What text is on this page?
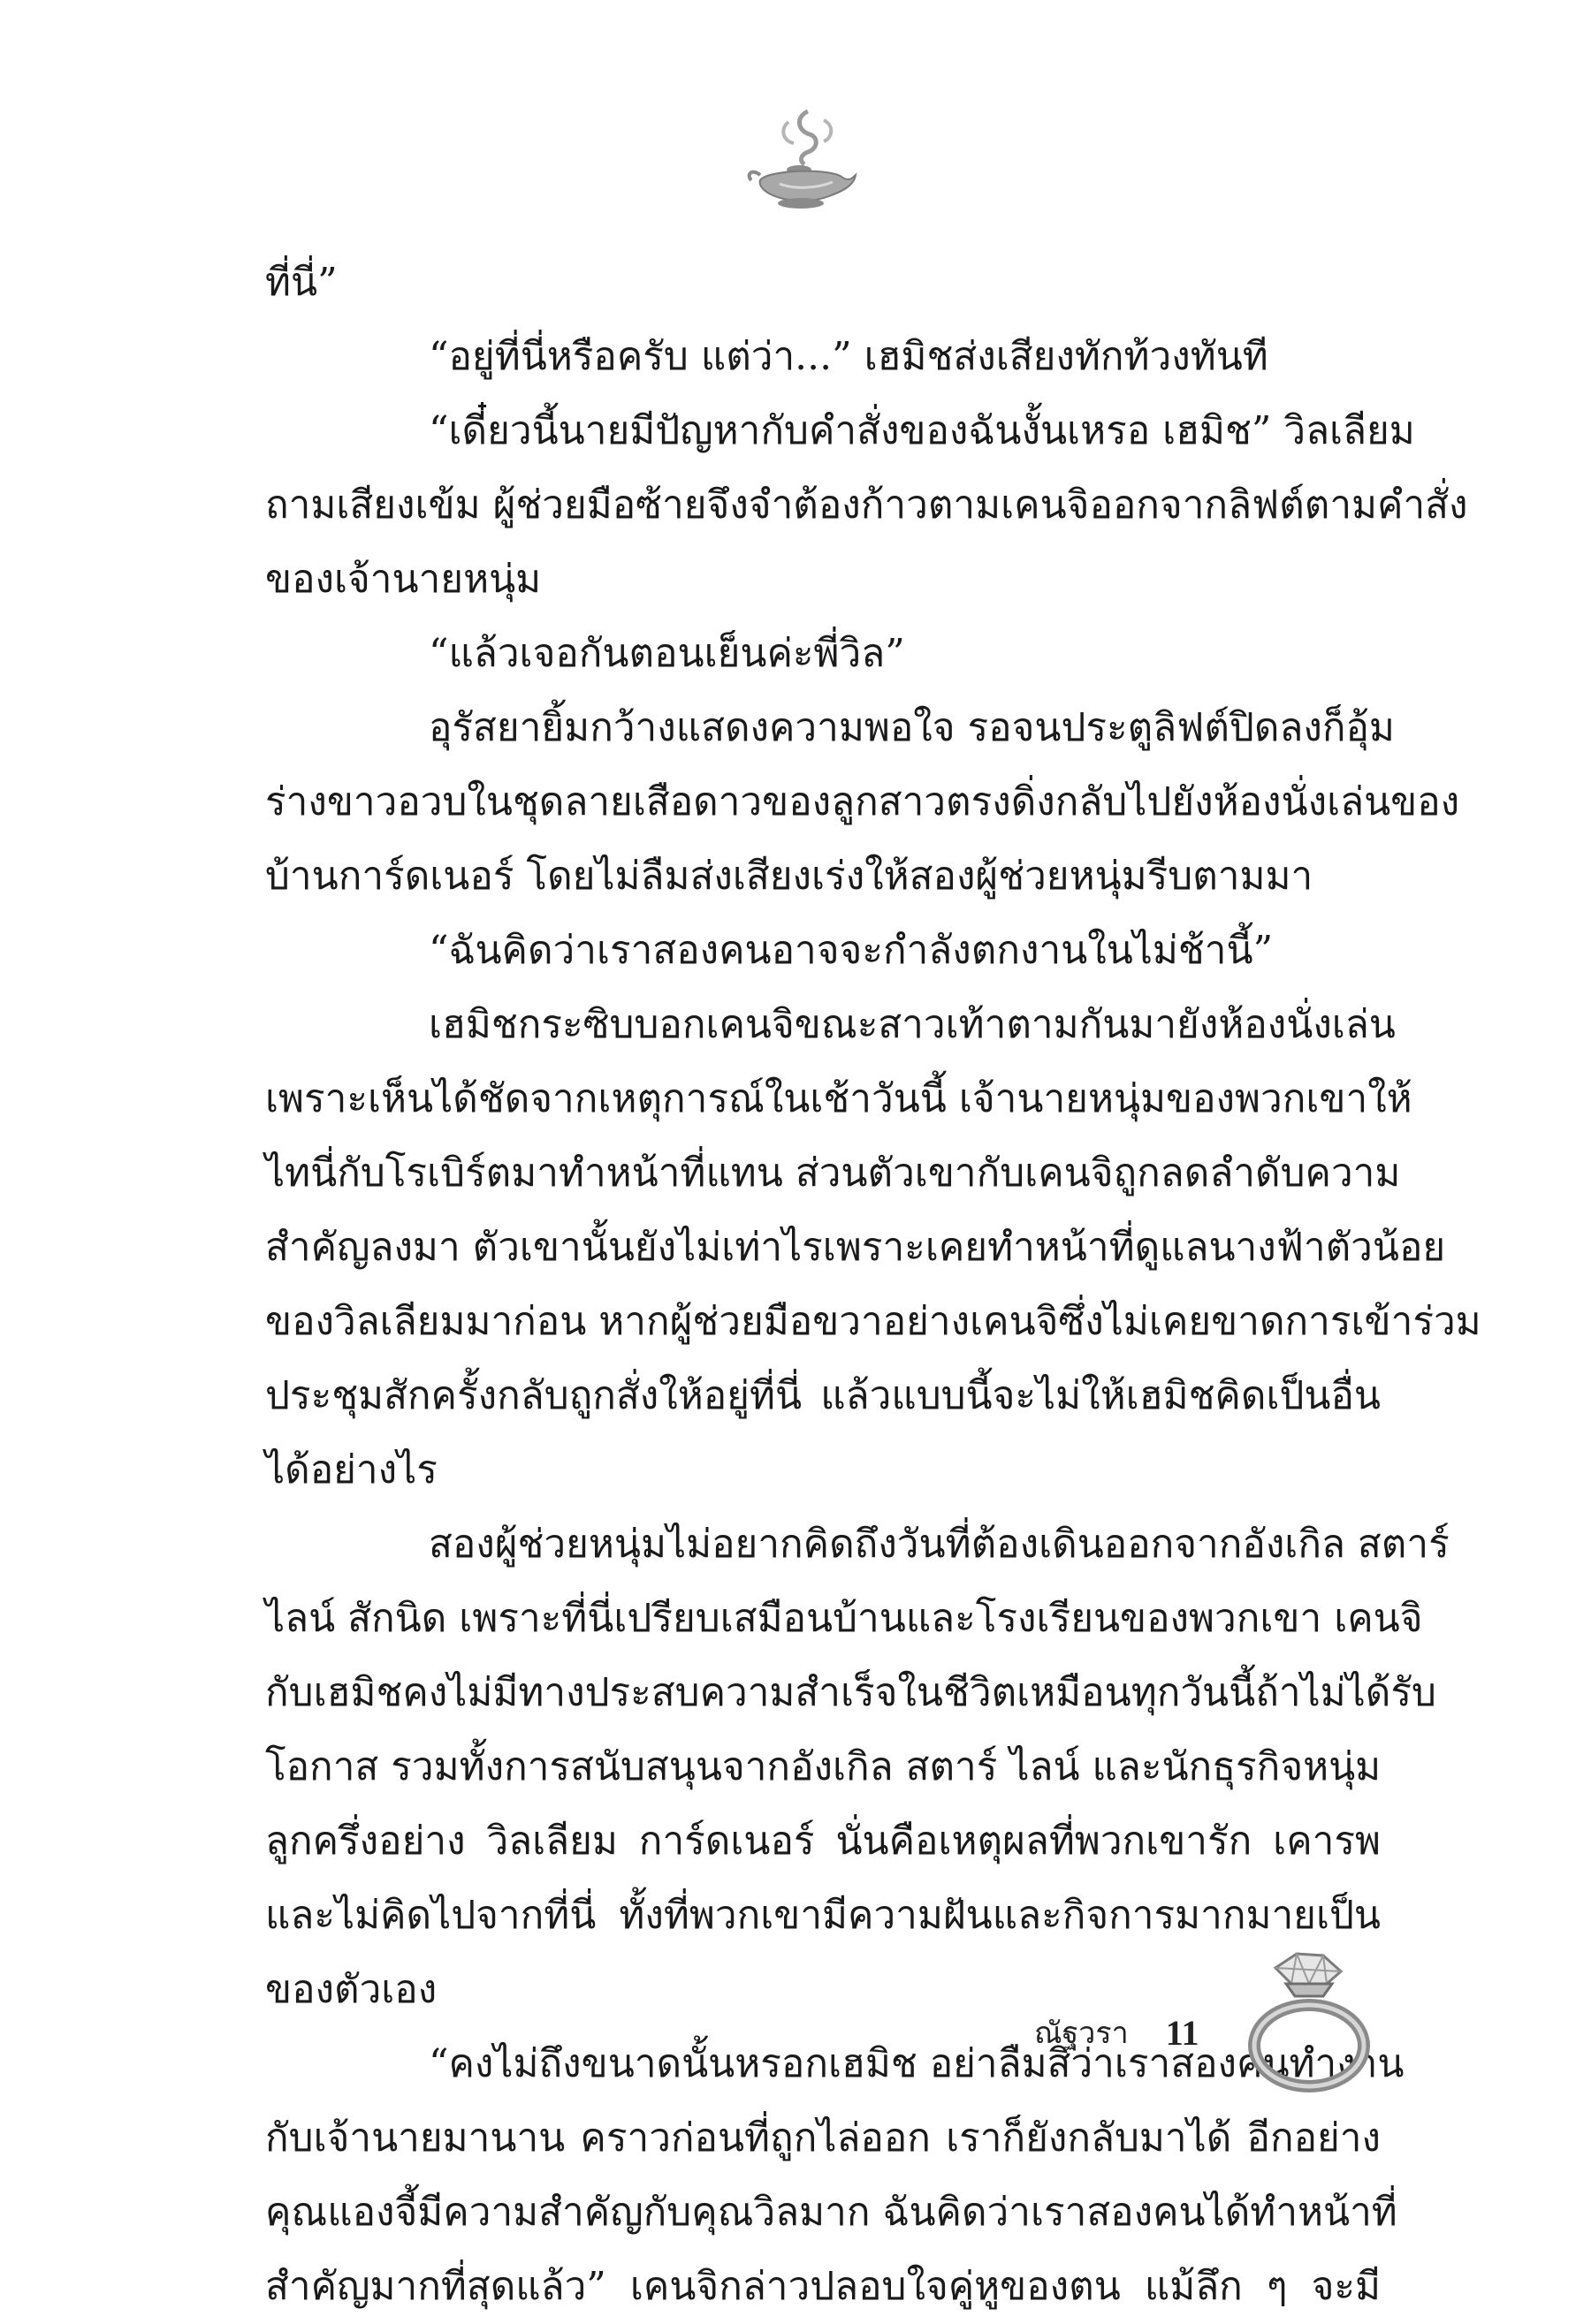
ที่นี่”
“อยู่ที่นี่หรือครับ แต่ว่า...” เฮมิชส่งเสียงทักท้วงทันที
“เดี๋ยวนี้นายมีปัญหากับคำสั่งของฉันงั้นเหรอ เฮมิช” วิลเลียม
ถามเสียงเข้ม ผู้ช่วยมือซ้ายจึงจำต้องก้าวตามเคนจิออกจากลิฟต์ตามคำสั่ง
ของเจ้านายหนุ่ม
“แล้วเจอกันตอนเย็นค่ะพี่วิล”
อุรัสยายิ้มกว้างแสดงความพอใจ รอจนประตูลิฟต์ปิดลงก็อุ้ม
ร่างขาวอวบในชุดลายเสือดาวของลูกสาวตรงดิ่งกลับไปยังห้องนั่งเล่นของ
บ้านการ์ดเนอร์ โดยไม่ลืมส่งเสียงเร่งให้สองผู้ช่วยหนุ่มรีบตามมา
“ฉันคิดว่าเราสองคนอาจจะกำลังตกงานในไม่ช้านี้”
เฮมิชกระซิบบอกเคนจิขณะสาวเท้าตามกันมายังห้องนั่งเล่น
เพราะเห็นได้ชัดจากเหตุการณ์ในเช้าวันนี้ เจ้านายหนุ่มของพวกเขาให้
ไทนี่กับโรเบิร์ตมาทำหน้าที่แทน ส่วนตัวเขากับเคนจิถูกลดลำดับความ
สำคัญลงมา ตัวเขานั้นยังไม่เท่าไรเพราะเคยทำหน้าที่ดูแลนางฟ้าตัวน้อย
ของวิลเลียมมาก่อน หากผู้ช่วยมือขวาอย่างเคนจิซึ่งไม่เคยขาดการเข้าร่วม
ประชุมสักครั้งกลับถูกสั่งให้อยู่ที่นี่ แล้วแบบนี้จะไม่ให้เฮมิชคิดเป็นอื่น
ได้อย่างไร
สองผู้ช่วยหนุ่มไม่อยากคิดถึงวันที่ต้องเดินออกจากอังเกิล สตาร์
ไลน์ สักนิด เพราะที่นี่เปรียบเสมือนบ้านและโรงเรียนของพวกเขา เคนจิ
กับเฮมิชคงไม่มีทางประสบความสำเร็จในชีวิตเหมือนทุกวันนี้ถ้าไม่ได้รับ
โอกาส รวมทั้งการสนับสนุนจากอังเกิล สตาร์ ไลน์ และนักธุรกิจหนุ่ม
ลูกครึ่งอย่าง วิลเลียม การ์ดเนอร์ นั่นคือเหตุผลที่พวกเขารัก เคารพ
และไม่คิดไปจากที่นี่ ทั้งที่พวกเขามีความฝันและกิจการมากมายเป็น
ของตัวเอง
“คงไม่ถึงขนาดนั้นหรอกเฮมิช อย่าลืมสิว่าเราสองคนทำงาน
กับเจ้านายมานาน คราวก่อนที่ถูกไล่ออก เราก็ยังกลับมาได้ อีกอย่าง
คุณแองจี้มีความสำคัญกับคุณวิลมาก ฉันคิดว่าเราสองคนได้ทำหน้าที่
สำคัญมากที่สุดแล้ว” เคนจิกล่าวปลอบใจคู่หูของตน แม้ลึก ๆ จะมี
ณัฐวรา 11
